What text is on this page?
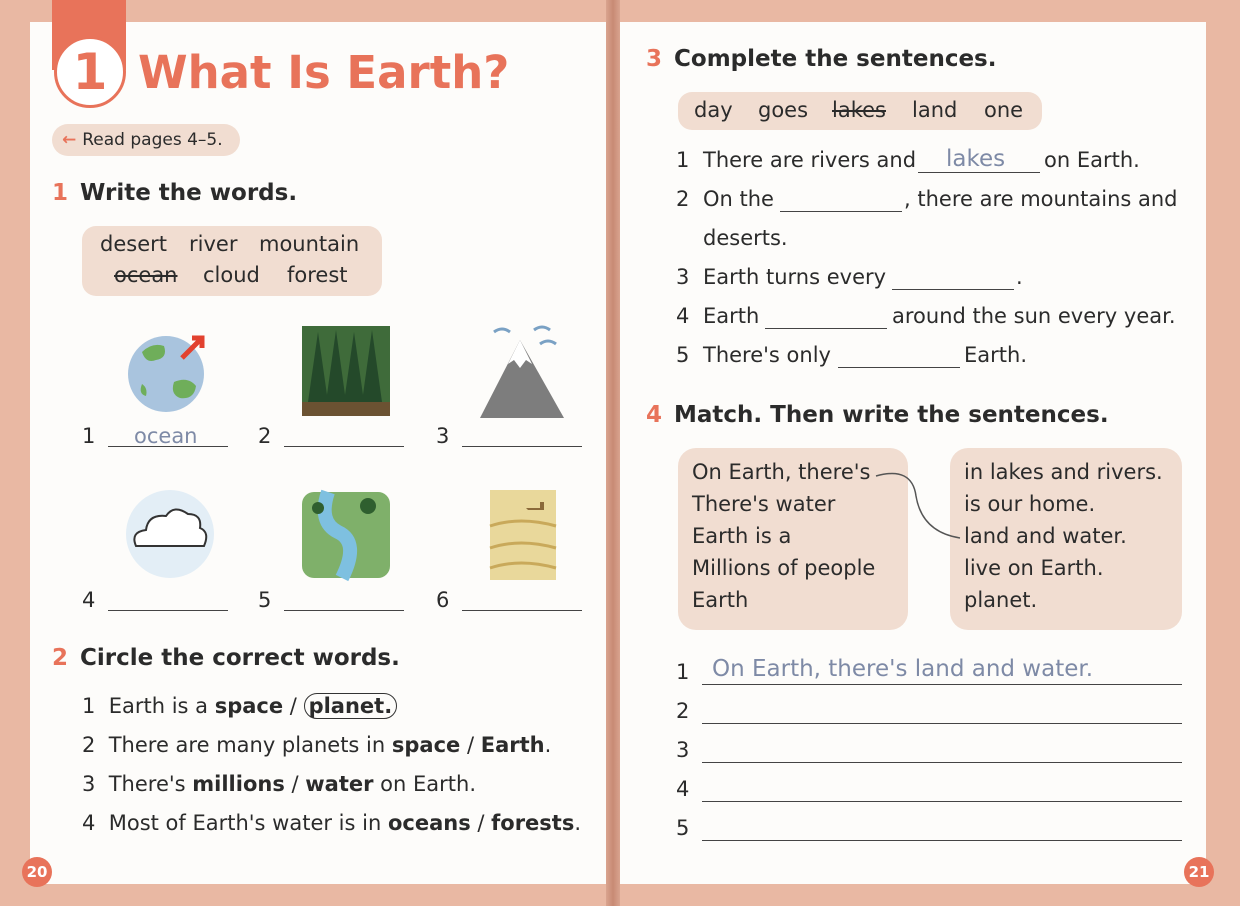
1 What Is Earth?
← Read pages 4–5.
1 Write the words.
desert river mountain
ocean cloud forest
1 ocean	2	3
4	5	6
2 Circle the correct words.
1 Earth is a space / planet.
2 There are many planets in space / Earth.
3 There's millions / water on Earth.
4 Most of Earth's water is in oceans / forests.
20
3 Complete the sentences.
day goes lakes land one
1 There are rivers and lakes on Earth.
2 On the	, there are mountains and
deserts.
3 Earth turns every	.
4 Earth	around the sun every year.
5 There's only	Earth.
4 Match. Then write the sentences.
On Earth, there's
There's water
Earth is a
Millions of people
Earth
in lakes and rivers.
is our home.
land and water.
live on Earth.
planet.
1 On Earth, there's land and water.
2
3
4
5
21
